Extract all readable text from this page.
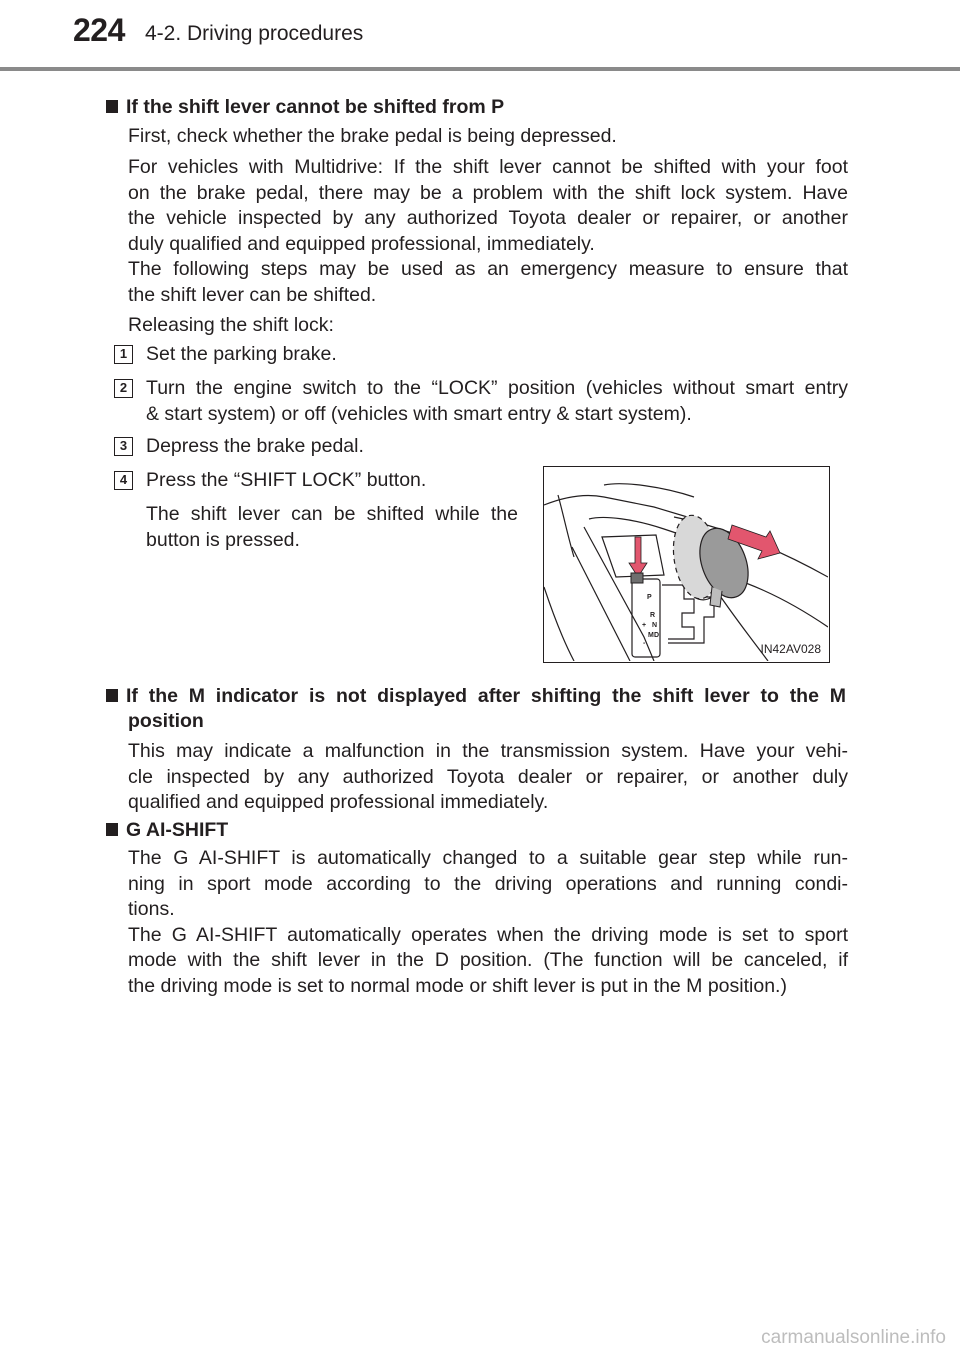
224 4-2. Driving procedures
If the shift lever cannot be shifted from P
First, check whether the brake pedal is being depressed.
For vehicles with Multidrive: If the shift lever cannot be shifted with your foot
on the brake pedal, there may be a problem with the shift lock system. Have
the vehicle inspected by any authorized Toyota dealer or repairer, or another
duly qualified and equipped professional, immediately.
The following steps may be used as an emergency measure to ensure that
the shift lever can be shifted.
Releasing the shift lock:
1 Set the parking brake.
2 Turn the engine switch to the “LOCK” position (vehicles without smart entry
& start system) or off (vehicles with smart entry & start system).
3 Depress the brake pedal.
4 Press the “SHIFT LOCK” button.
The shift lever can be shifted while the
button is pressed.
P
R
N
D
M
+
-	IN42AV028
If the M indicator is not displayed after shifting the shift lever to the M
position
This may indicate a malfunction in the transmission system. Have your vehi-
cle inspected by any authorized Toyota dealer or repairer, or another duly
qualified and equipped professional immediately.
G AI-SHIFT
The G AI-SHIFT is automatically changed to a suitable gear step while run-
ning in sport mode according to the driving operations and running condi-
tions.
The G AI-SHIFT automatically operates when the driving mode is set to sport
mode with the shift lever in the D position. (The function will be canceled, if
the driving mode is set to normal mode or shift lever is put in the M position.)
carmanualsonline.info
